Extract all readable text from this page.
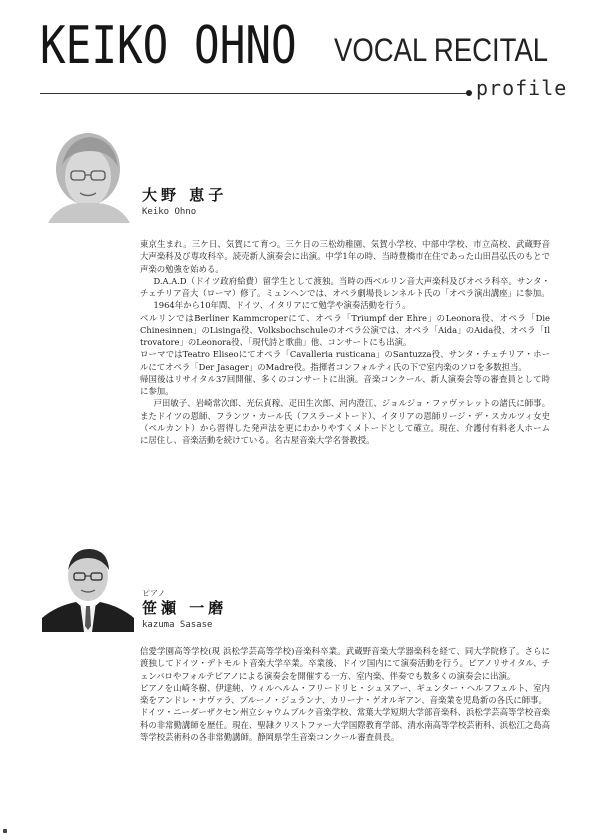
KEIKO OHNO VOCAL RECITAL
profile
大野 恵子
Keiko Ohno

東京生まれ。三ケ日、気賀にて育つ。三ケ日の三松幼稚園、気賀小学校、中部中学校、市立高校、武蔵野音大声楽科及び専攻科卒。読売新人演奏会に出演。中学1年の時、当時豊橋市在住であった山田昌弘氏のもとで声楽の勉強を始める。

D.A.A.D（ドイツ政府給費）留学生として渡独。当時の西ベルリン音大声楽科及びオペラ科卒。サンタ・チェチリア音大（ローマ）修了。ミュンヘンでは、オペラ劇場長レンネルト氏の「オペラ演出講座」に参加。

1964年から10年間、ドイツ、イタリアにて勉学や演奏活動を行う。

ベルリンではBerliner Kammcroperにて、オペラ「Triumpf der Ehre」のLeonora役、オペラ「Die Chinesinnen」のLisinga役、Volksbochschuleのオペラ公演では、オペラ「Aida」のAida役、オペラ「Il trovatore」のLeonora役、「現代詩と歌曲」他、コンサートにも出演。

ローマではTeatro Eliseoにてオペラ「Cavalleria rusticana」のSantuzza役、サンタ・チェチリア・ホールにてオペラ「Der Jasager」のMadre役。指揮者コンフォルティ氏の下で室内楽のソロを多数担当。

帰国後はリサイタル37回開催、多くのコンサートに出演。音楽コンクール、新人演奏会等の審査員として時に参加。

戸田敏子、岩崎常次郎、光伝貞稼、疋田生次郎、河内澄江、ジョルジョ・ファヴァレットの諸氏に師事。またドイツの恩師、フランツ・カール氏（フスラーメトード）、イタリアの恩師リージ・デ・スカルツィ女史（ベルカント）から習得した発声法を更にわかりやすくメトードとして確立。現在、介護付有料老人ホームに居住し、音楽活動を続けている。名古屋音楽大学名誉教授。

ピアノ
笹瀬 一磨
kazuma Sasase

信愛学園高等学校(現 浜松学芸高等学校)音楽科卒業。武蔵野音楽大学器楽科を経て、同大学院修了。さらに渡独してドイツ・デトモルト音楽大学卒業。卒業後、ドイツ国内にて演奏活動を行う。ピアノリサイタル、チェンバロやフォルテピアノによる演奏会を開催する一方、室内楽、伴奏でも数多くの演奏会に出演。

ピアノを山崎冬樹、伊達純、ウィルヘルム・フリードリヒ・シュヌアー、ギュンター・ヘルフフェルト、室内楽をアンドレ・ナヴァラ、ブルーノ・ジュランナ、カリーナ・ゲオルギアン、音楽業を児島新の各氏に師事。

ドイツ・ニーダーザクセン州立シャウムブルク音楽学校、常葉大学短期大学部音楽科、浜松学芸高等学校音楽科の非常勤講師を歴任。現在、聖隷クリストファー大学国際教育学部、清水南高等学校芸術科、浜松江之島高等学校芸術科の各非常勤講師。静岡県学生音楽コンクール審査員長。
